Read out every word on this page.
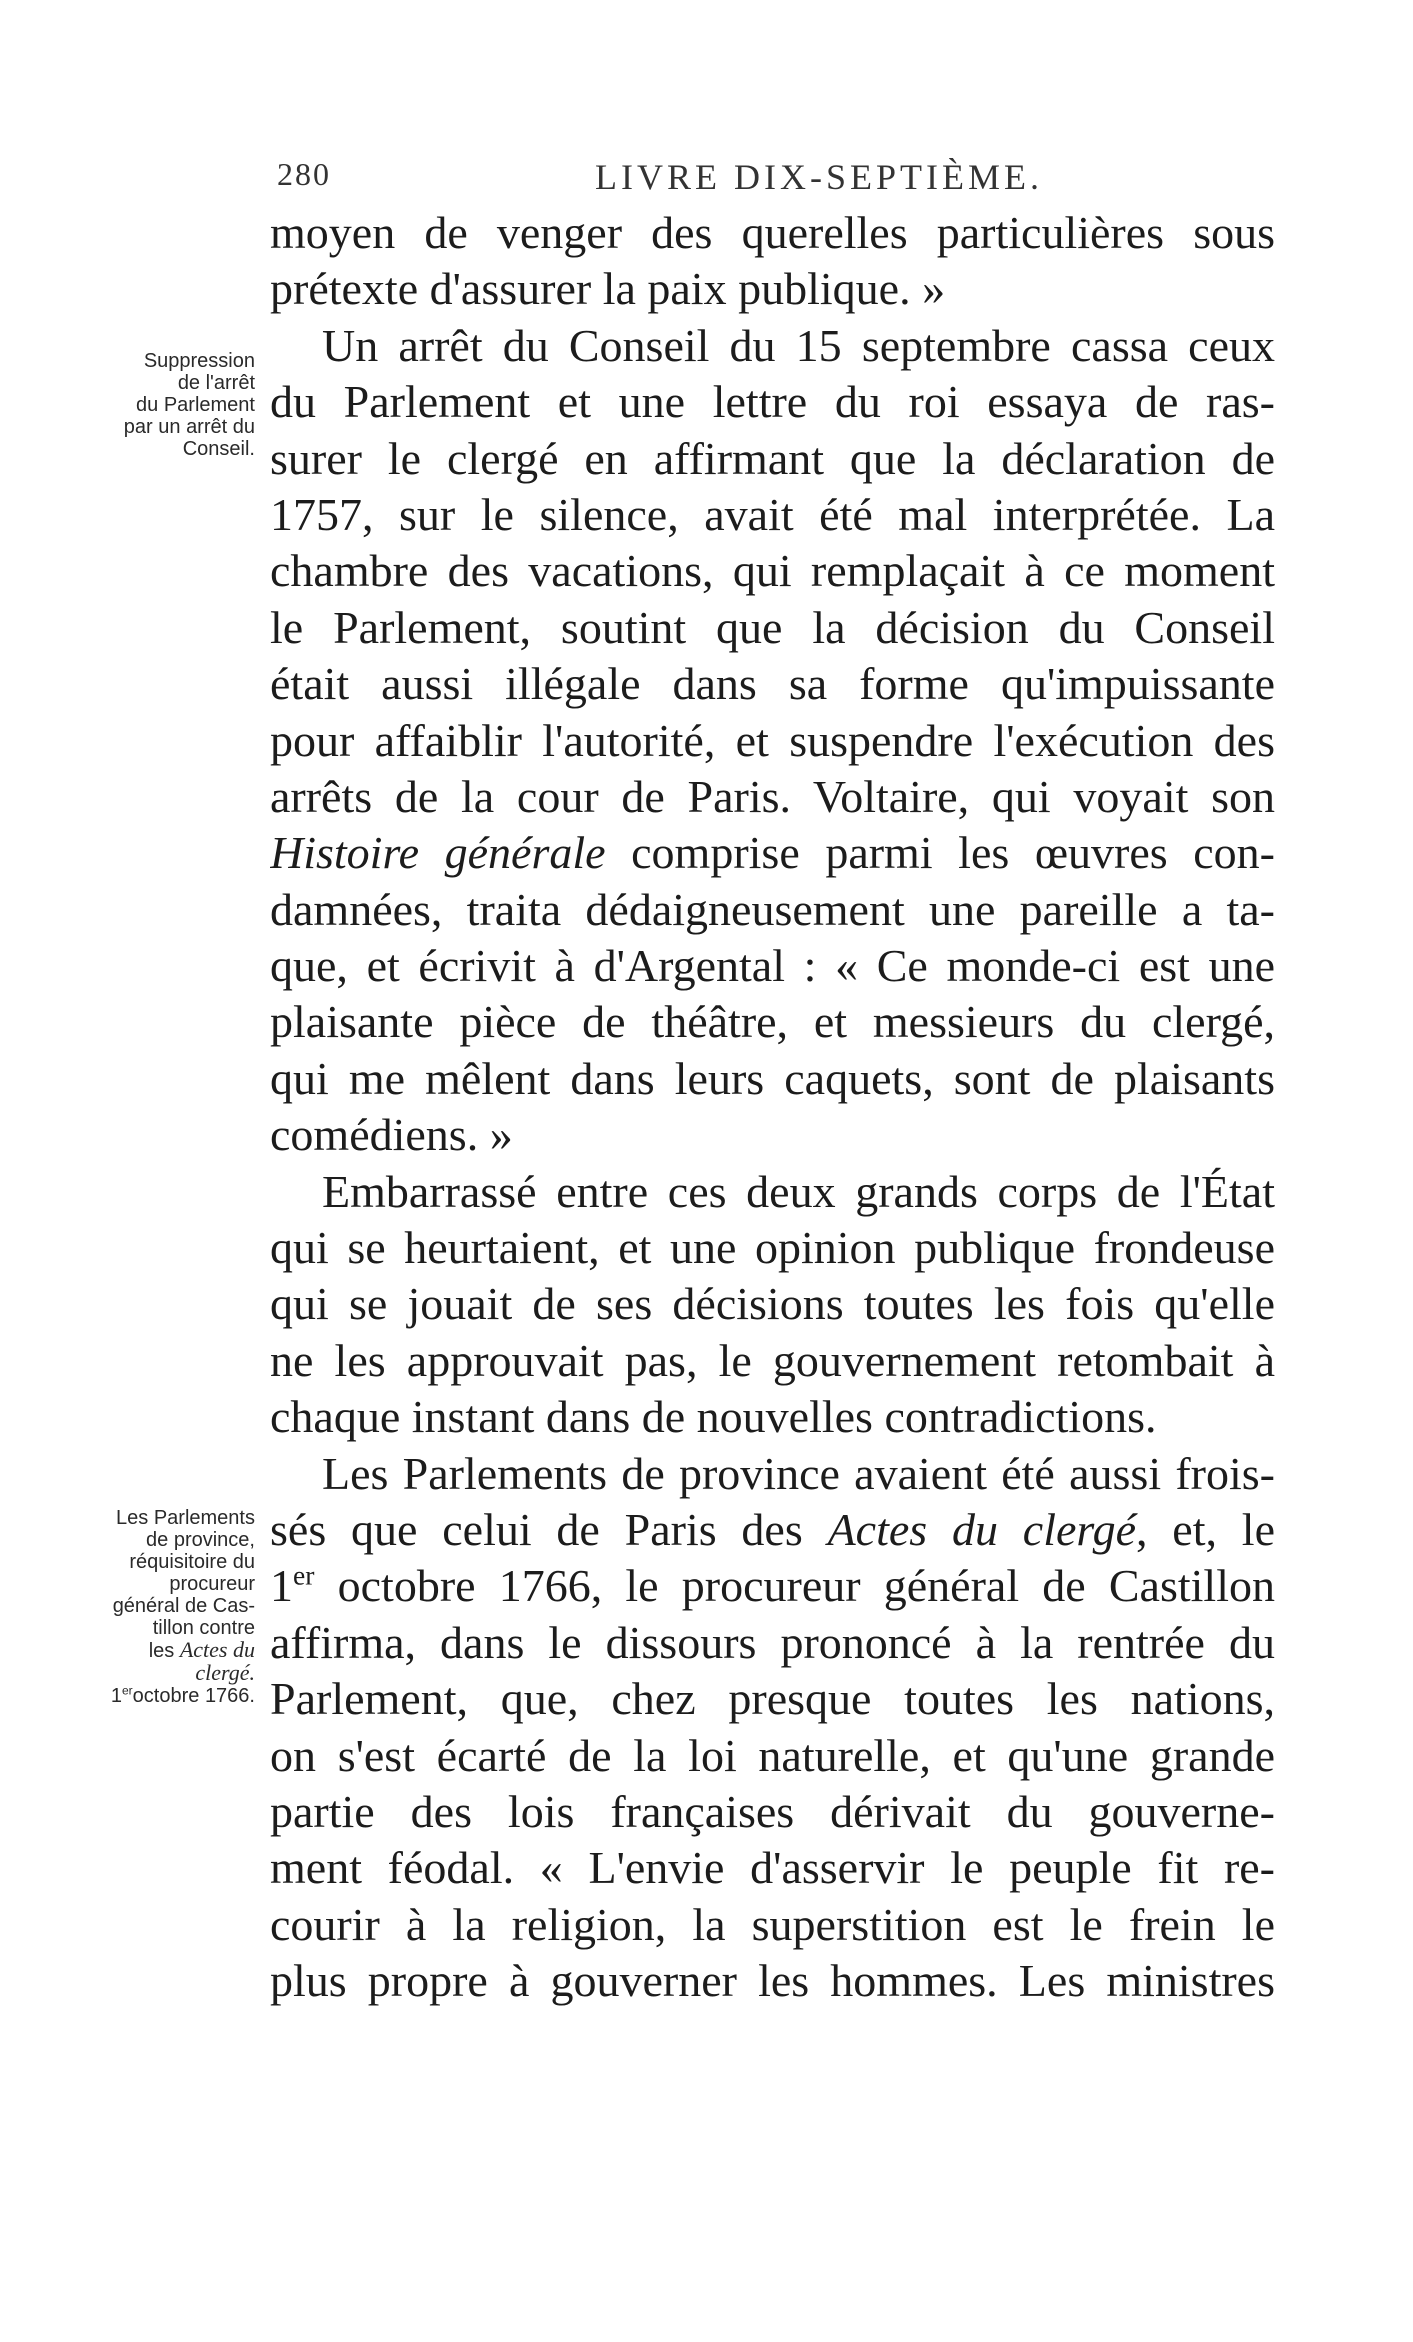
280	LIVRE DIX-SEPTIÈME.
Suppression
de l'arrêt
du Parlement
par un arrêt du
Conseil.
Les Parlements
de province,
réquisitoire du
procureur
général de Cas-
tillon contre
les Actes du
clergé.
1eroctobre 1766.
moyen de venger des querelles particulières sous
prétexte d'assurer la paix publique. »
Un arrêt du Conseil du 15 septembre cassa ceux
du Parlement et une lettre du roi essaya de ras-
surer le clergé en affirmant que la déclaration de
1757, sur le silence, avait été mal interprétée. La
chambre des vacations, qui remplaçait à ce moment
le Parlement, soutint que la décision du Conseil
était aussi illégale dans sa forme qu'impuissante
pour affaiblir l'autorité, et suspendre l'exécution des
arrêts de la cour de Paris. Voltaire, qui voyait son
Histoire générale comprise parmi les œuvres con-
damnées, traita dédaigneusement une pareille a ta-
que, et écrivit à d'Argental : « Ce monde-ci est une
plaisante pièce de théâtre, et messieurs du clergé,
qui me mêlent dans leurs caquets, sont de plaisants
comédiens. »
Embarrassé entre ces deux grands corps de l'État
qui se heurtaient, et une opinion publique frondeuse
qui se jouait de ses décisions toutes les fois qu'elle
ne les approuvait pas, le gouvernement retombait à
chaque instant dans de nouvelles contradictions.
Les Parlements de province avaient été aussi frois-
sés que celui de Paris des Actes du clergé, et, le
1er octobre 1766, le procureur général de Castillon
affirma, dans le dissours prononcé à la rentrée du
Parlement, que, chez presque toutes les nations,
on s'est écarté de la loi naturelle, et qu'une grande
partie des lois françaises dérivait du gouverne-
ment féodal. « L'envie d'asservir le peuple fit re-
courir à la religion, la superstition est le frein le
plus propre à gouverner les hommes. Les ministres
